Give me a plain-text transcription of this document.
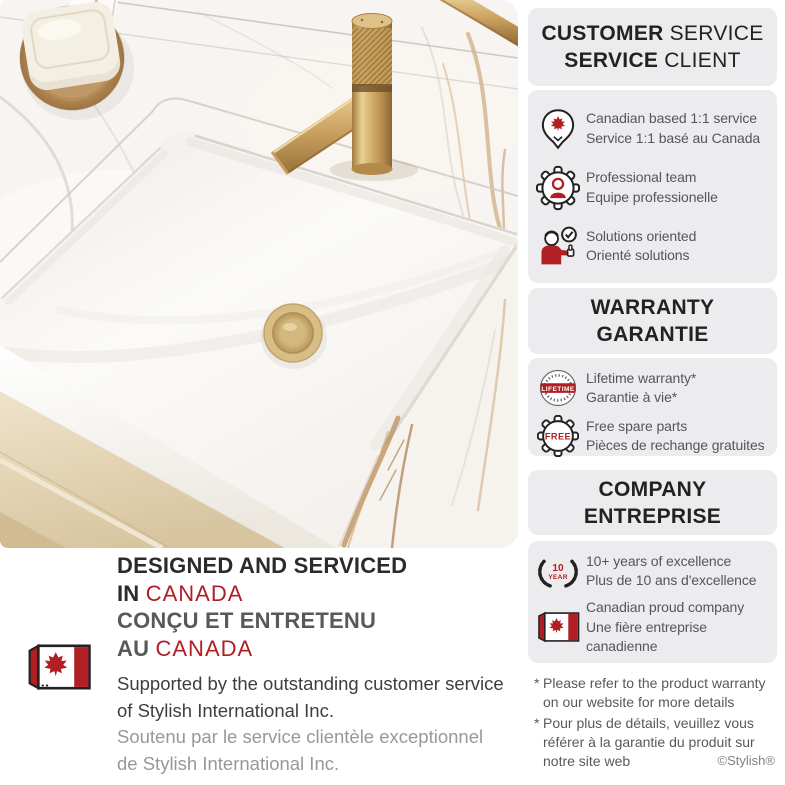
CUSTOMER SERVICE
SERVICE CLIENT
Canadian based 1:1 service
Service 1:1 basé au Canada
Professional team
Equipe professionelle
Solutions oriented
Orienté solutions
WARRANTY
GARANTIE
LIFETIME
Lifetime warranty*
Garantie à vie*
FREE
Free spare parts
Pièces de rechange gratuites
COMPANY
ENTREPRISE
10
YEAR
10+ years of excellence
Plus de 10 ans d'excellence
Canadian proud company
Une fière entreprise canadienne
* Please refer to the product warranty on our website for more details
* Pour plus de détails, veuillez vous référer à la garantie du produit sur notre site web	©Stylish®
DESIGNED AND SERVICED
IN CANADA
CONÇU ET ENTRETENU
AU CANADA
Supported by the outstanding customer service
of Stylish International Inc.
Soutenu par le service clientèle exceptionnel
de Stylish International Inc.
